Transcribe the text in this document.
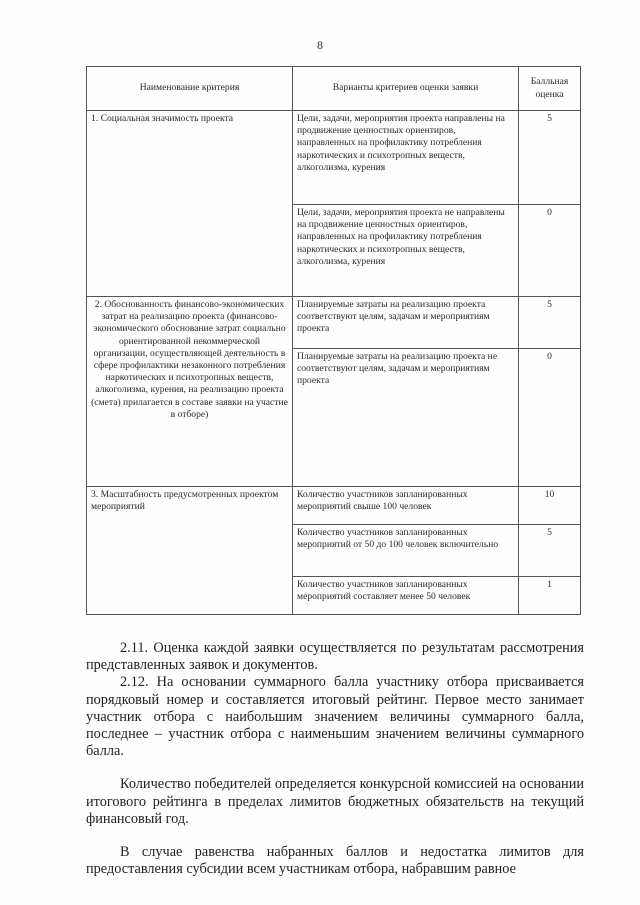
8
Наименование критерия	Варианты критериев оценки заявки	Балльная оценка
1. Социальная значимость проекта	Цели, задачи, мероприятия проекта направлены на продвижение ценностных ориентиров, направленных на профилактику потребления наркотических и психотропных веществ, алкоголизма, курения	5
	Цели, задачи, мероприятия проекта не направлены на продвижение ценностных ориентиров, направленных на профилактику потребления наркотических и психотропных веществ, алкоголизма, курения	0
2. Обоснованность финансово-экономических затрат на реализацию проекта (финансово-экономического обоснование затрат социально ориентированной некоммерческой организации, осуществляющей деятельность в сфере профилактики незаконного потребления наркотических и психотропных веществ, алкоголизма, курения, на реализацию проекта (смета) прилагается в составе заявки на участие в отборе)	Планируемые затраты на реализацию проекта соответствуют целям, задачам и мероприятиям проекта	5
	Планируемые затраты на реализацию проекта не соответствуют целям, задачам и мероприятиям проекта	0
3. Масштабность предусмотренных проектом мероприятий	Количество участников запланированных мероприятий свыше 100 человек	10
	Количество участников запланированных мероприятий от 50 до 100 человек включительно	5
	Количество участников запланированных мероприятий составляет менее 50 человек	1

2.11. Оценка каждой заявки осуществляется по результатам рассмотрения представленных заявок и документов.

2.12. На основании суммарного балла участнику отбора присваивается порядковый номер и составляется итоговый рейтинг. Первое место занимает участник отбора с наибольшим значением величины суммарного балла, последнее – участник отбора с наименьшим значением величины суммарного балла.

Количество победителей определяется конкурсной комиссией на основании итогового рейтинга в пределах лимитов бюджетных обязательств на текущий финансовый год.

В случае равенства набранных баллов и недостатка лимитов для предоставления субсидии всем участникам отбора, набравшим равное
